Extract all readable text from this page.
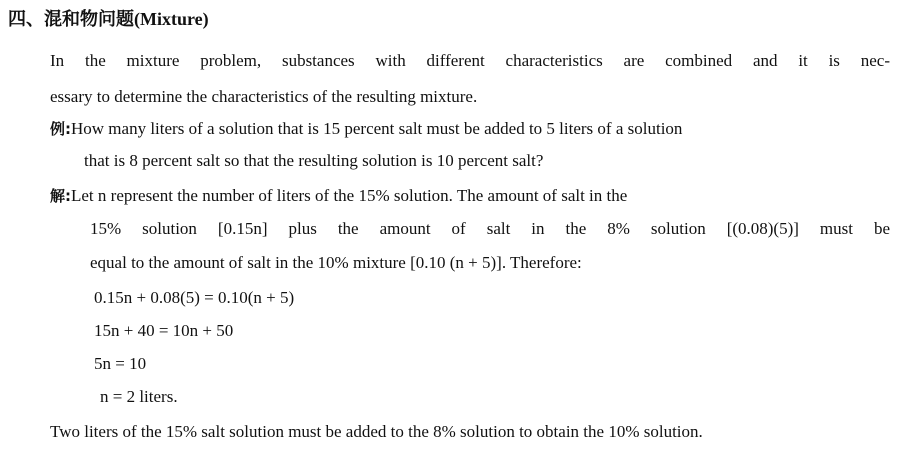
四、混和物问题(Mixture)
In the mixture problem, substances with different characteristics are combined and it is nec-
essary to determine the characteristics of the resulting mixture.
例:How many liters of a solution that is 15 percent salt must be added to 5 liters of a solution
that is 8 percent salt so that the resulting solution is 10 percent salt?
解:Let n represent the number of liters of the 15% solution. The amount of salt in the
15% solution [0.15n] plus the amount of salt in the 8% solution [(0.08)(5)] must be
equal to the amount of salt in the 10% mixture [0.10 (n + 5)]. Therefore:
0.15n + 0.08(5) = 0.10(n + 5)
15n + 40 = 10n + 50
5n = 10
n = 2 liters.
Two liters of the 15% salt solution must be added to the 8% solution to obtain the 10% solution.
